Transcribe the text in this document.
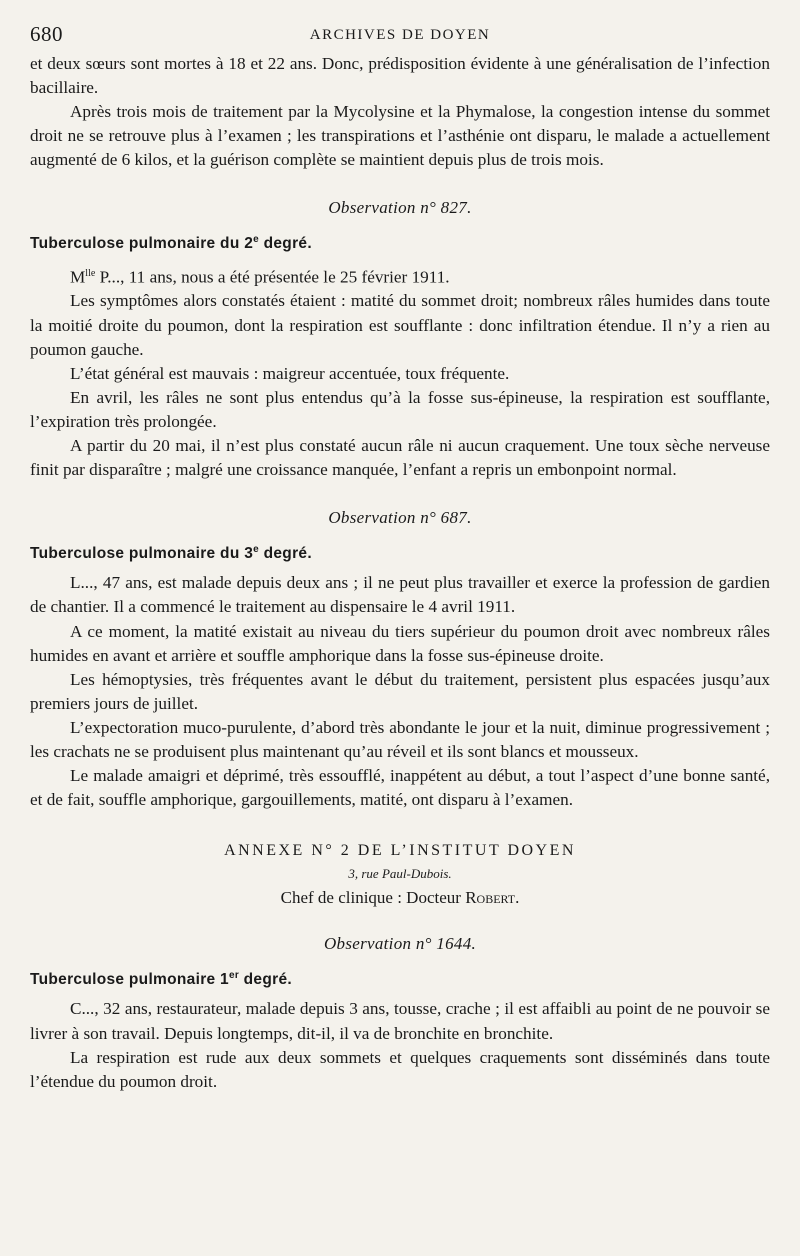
680	ARCHIVES DE DOYEN

et deux sœurs sont mortes à 18 et 22 ans. Donc, prédisposition évidente à une généralisation de l’infection bacillaire.

Après trois mois de traitement par la Mycolysine et la Phymalose, la congestion intense du sommet droit ne se retrouve plus à l’examen ; les transpirations et l’asthénie ont disparu, le malade a actuellement augmenté de 6 kilos, et la guérison complète se maintient depuis plus de trois mois.

Observation n° 827.
Tuberculose pulmonaire du 2e degré.

$M^{lle}$ P..., 11 ans, nous a été présentée le 25 février 1911.

Les symptômes alors constatés étaient : matité du sommet droit; nombreux râles humides dans toute la moitié droite du poumon, dont la respiration est soufflante : donc infiltration étendue. Il n’y a rien au poumon gauche.

L’état général est mauvais : maigreur accentuée, toux fréquente.

En avril, les râles ne sont plus entendus qu’à la fosse sus-épineuse, la respiration est soufflante, l’expiration très prolongée.

A partir du 20 mai, il n’est plus constaté aucun râle ni aucun craquement. Une toux sèche nerveuse finit par disparaître ; malgré une croissance manquée, l’enfant a repris un embonpoint normal.

Observation n° 687.
Tuberculose pulmonaire du 3e degré.

L..., 47 ans, est malade depuis deux ans ; il ne peut plus travailler et exerce la profession de gardien de chantier. Il a commencé le traitement au dispensaire le 4 avril 1911.

A ce moment, la matité existait au niveau du tiers supérieur du poumon droit avec nombreux râles humides en avant et arrière et souffle amphorique dans la fosse sus-épineuse droite.

Les hémoptysies, très fréquentes avant le début du traitement, persistent plus espacées jusqu’aux premiers jours de juillet.

L’expectoration muco-purulente, d’abord très abondante le jour et la nuit, diminue progressivement ; les crachats ne se produisent plus maintenant qu’au réveil et ils sont blancs et mousseux.

Le malade amaigri et déprimé, très essoufflé, inappétent au début, a tout l’aspect d’une bonne santé, et de fait, souffle amphorique, gargouillements, matité, ont disparu à l’examen.

ANNEXE N° 2 DE L’INSTITUT DOYEN
3, rue Paul-Dubois.
Chef de clinique : Docteur Robert.
Observation n° 1644.
Tuberculose pulmonaire 1er degré.

C..., 32 ans, restaurateur, malade depuis 3 ans, tousse, crache ; il est affaibli au point de ne pouvoir se livrer à son travail. Depuis longtemps, dit-il, il va de bronchite en bronchite.

La respiration est rude aux deux sommets et quelques craquements sont disséminés dans toute l’étendue du poumon droit.
